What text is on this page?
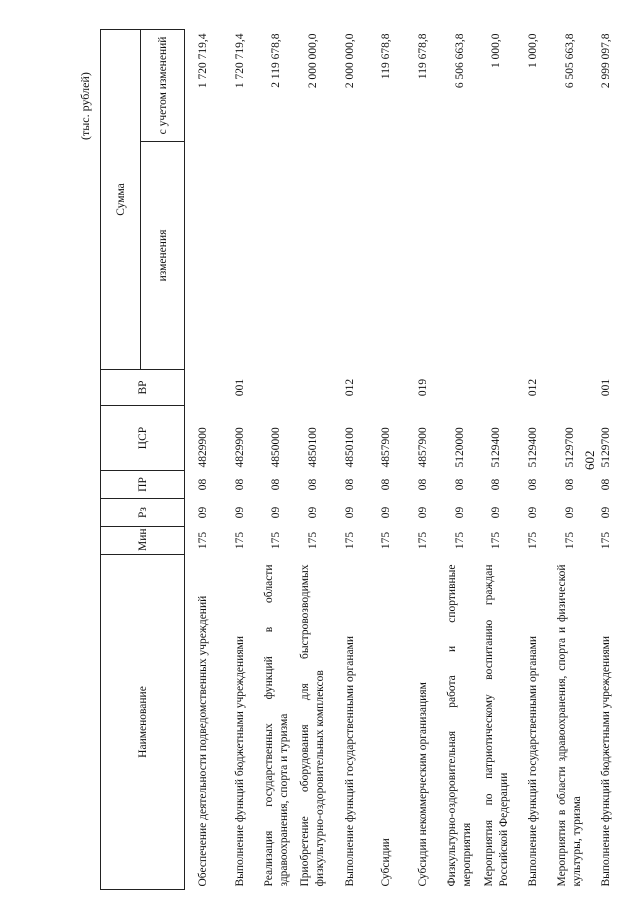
602
(тыс. рублей)
Наименование	Мин	Рз	ПР	ЦСР	ВР	Сумма	
						изменения	с учетом изменений
Обеспечение деятельности подведомственных учреждений	175	09	08	4829900			1 720 719,4
Выполнение функций бюджетными учреждениями	175	09	08	4829900	001		1 720 719,4
Реализация государственных функций в области здравоохранения, спорта и туризма	175	09	08	4850000			2 119 678,8
Приобретение оборудования для быстровозводимых физкультурно-оздоровительных комплексов	175	09	08	4850100			2 000 000,0
Выполнение функций государственными органами	175	09	08	4850100	012		2 000 000,0
Субсидии	175	09	08	4857900			119 678,8
Субсидии некоммерческим организациям	175	09	08	4857900	019		119 678,8
Физкультурно-оздоровительная работа и спортивные мероприятия	175	09	08	5120000			6 506 663,8
Мероприятия по патриотическому воспитанию граждан Российской Федерации	175	09	08	5129400			1 000,0
Выполнение функций государственными органами	175	09	08	5129400	012		1 000,0
Мероприятия в области здравоохранения, спорта и физической культуры, туризма	175	09	08	5129700			6 505 663,8
Выполнение функций бюджетными учреждениями	175	09	08	5129700	001		2 999 097,8
